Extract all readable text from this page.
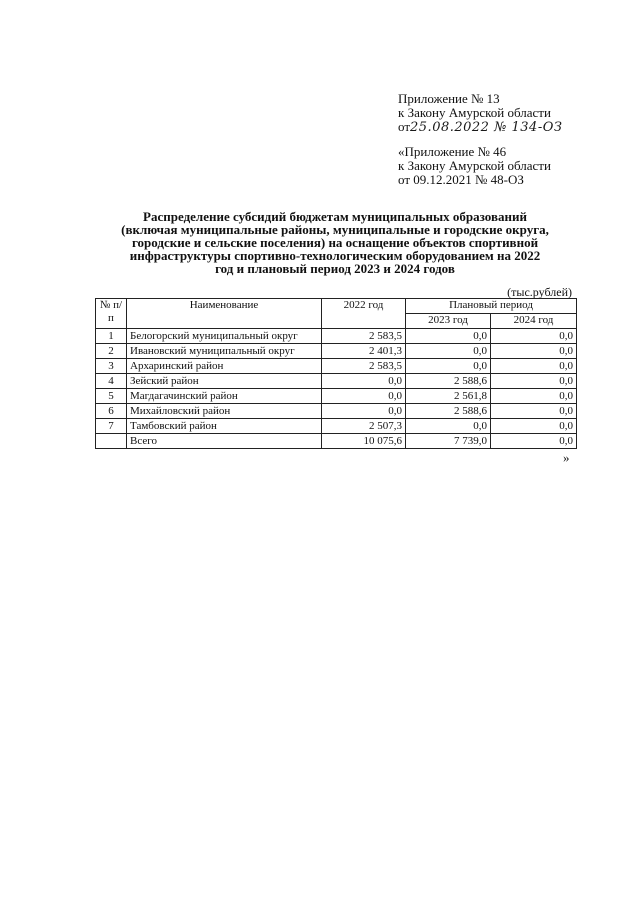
Приложение № 13
к Закону Амурской области
от25.08.2022 № 134-ОЗ
«Приложение № 46
к Закону Амурской области
от 09.12.2021 № 48-ОЗ
Распределение субсидий бюджетам муниципальных образований
(включая муниципальные районы, муниципальные и городские округа,
городские и сельские поселения) на оснащение объектов спортивной
инфраструктуры спортивно-технологическим оборудованием на 2022
год и плановый период 2023 и 2024 годов
(тыс.рублей)
№ п/п	Наименование	2022 год	Плановый период	
			2023 год	2024 год
1	Белогорский муниципальный округ	2 583,5	0,0	0,0
2	Ивановский муниципальный округ	2 401,3	0,0	0,0
3	Архаринский район	2 583,5	0,0	0,0
4	Зейский район	0,0	2 588,6	0,0
5	Магдагачинский район	0,0	2 561,8	0,0
6	Михайловский район	0,0	2 588,6	0,0
7	Тамбовский район	2 507,3	0,0	0,0
	Всего	10 075,6	7 739,0	0,0
»
